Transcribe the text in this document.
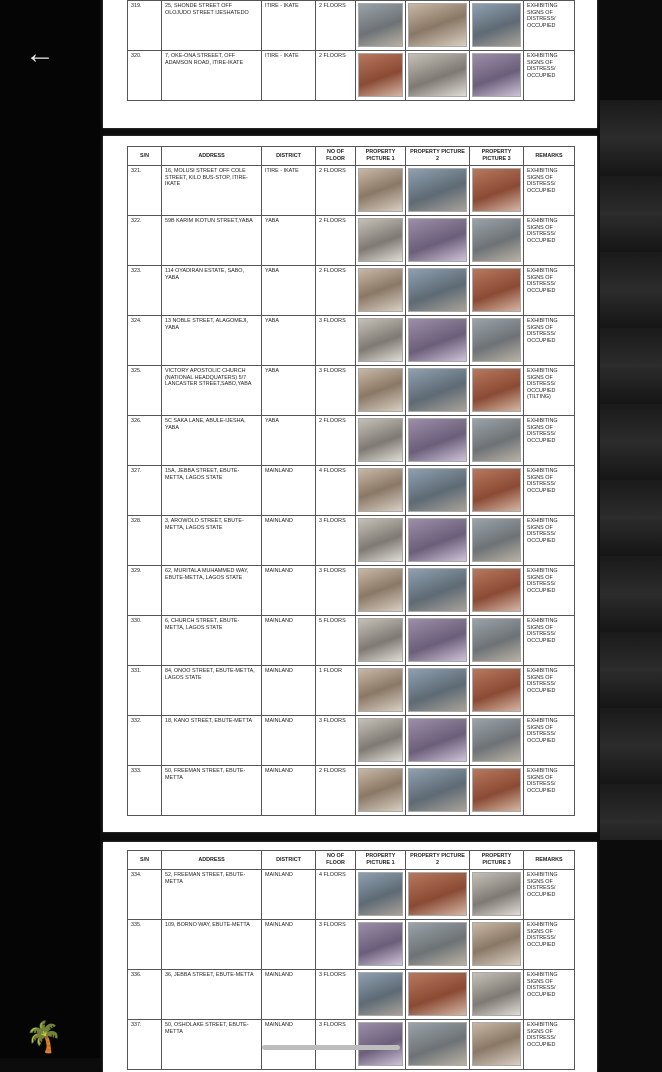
←
319.	25, SHONDE STREET OFF OLOJUDO STREET IJESHATEDO	ITIRE - IKATE	2 FLOORS				EXHIBITING SIGNS OF DISTRESS/ OCCUPIED
320.	7, OKE-ONA STREEET, OFF ADAMSON ROAD, ITIRE-IKATE	ITIRE - IKATE	2 FLOORS				EXHIBITING SIGNS OF DISTRESS/ OCCUPIED
S/N	ADDRESS	DISTRICT	NO OF FLOOR	PROPERTY PICTURE 1	PROPERTY PICTURE 2	PROPERTY PICTURE 3	REMARKS
321.	16, MOLUSI STREET OFF COLE STREET, KILO BUS-STOP, ITIRE-IKATE	ITIRE - IKATE	2 FLOORS				EXHIBITING SIGNS OF DISTRESS/ OCCUPIED
322.	59B KARIM IKOTUN STREET,YABA	YABA	2 FLOORS				EXHIBITING SIGNS OF DISTRESS/ OCCUPIED
323.	114 OYADIRAN ESTATE, SABO, YABA	YABA	2 FLOORS				EXHIBITING SIGNS OF DISTRESS/ OCCUPIED
324.	13 NOBLE STREET, ALAGOMEJI, YABA	YABA	3 FLOORS				EXHIBITING SIGNS OF DISTRESS/ OCCUPIED
325.	VICTORY APOSTOLIC CHURCH (NATIONAL HEADQUATERS) 5/7 LANCASTER STREET,SABO,YABA	YABA	3 FLOORS				EXHIBITING SIGNS OF DISTRESS/ OCCUPIED (TILTING)
326.	5C SAKA LANE, ABULE-IJESHA, YABA	YABA	2 FLOORS				EXHIBITING SIGNS OF DISTRESS/ OCCUPIED
327.	15A, JEBBA STREET, EBUTE-METTA, LAGOS STATE	MAINLAND	4 FLOORS				EXHIBITING SIGNS OF DISTRESS/ OCCUPIED
328.	3, AROWOLO STREET, EBUTE-METTA, LAGOS STATE	MAINLAND	3 FLOORS				EXHIBITING SIGNS OF DISTRESS/ OCCUPIED
329.	62, MURITALA MUHAMMED WAY, EBUTE-METTA, LAGOS STATE	MAINLAND	3 FLOORS				EXHIBITING SIGNS OF DISTRESS/ OCCUPIED
330.	6, CHURCH STREET, EBUTE-METTA, LAGOS STATE	MAINLAND	5 FLOORS				EXHIBITING SIGNS OF DISTRESS/ OCCUPIED
331.	84, ONOO STREET, EBUTE-METTA, LAGOS STATE	MAINLAND	1 FLOOR				EXHIBITING SIGNS OF DISTRESS/ OCCUPIED
332.	18, KANO STREET, EBUTE-METTA	MAINLAND	3 FLOORS				EXHIBITING SIGNS OF DISTRESS/ OCCUPIED
333.	50, FREEMAN STREET, EBUTE-METTA	MAINLAND	2 FLOORS				EXHIBITING SIGNS OF DISTRESS/ OCCUPIED
S/N	ADDRESS	DISTRICT	NO OF FLOOR	PROPERTY PICTURE 1	PROPERTY PICTURE 2	PROPERTY PICTURE 3	REMARKS
334.	52, FREEMAN STREET, EBUTE-METTA	MAINLAND	4 FLOORS				EXHIBITING SIGNS OF DISTRESS/ OCCUPIED
335.	109, BORNO WAY, EBUTE-METTA	MAINLAND	3 FLOORS				EXHIBITING SIGNS OF DISTRESS/ OCCUPIED
336.	36, JEBBA STREET, EBUTE-METTA	MAINLAND	3 FLOORS				EXHIBITING SIGNS OF DISTRESS/ OCCUPIED
337.	50, OSHOLAKE STREET, EBUTE-METTA	MAINLAND	3 FLOORS				EXHIBITING SIGNS OF DISTRESS/ OCCUPIED
🌴
